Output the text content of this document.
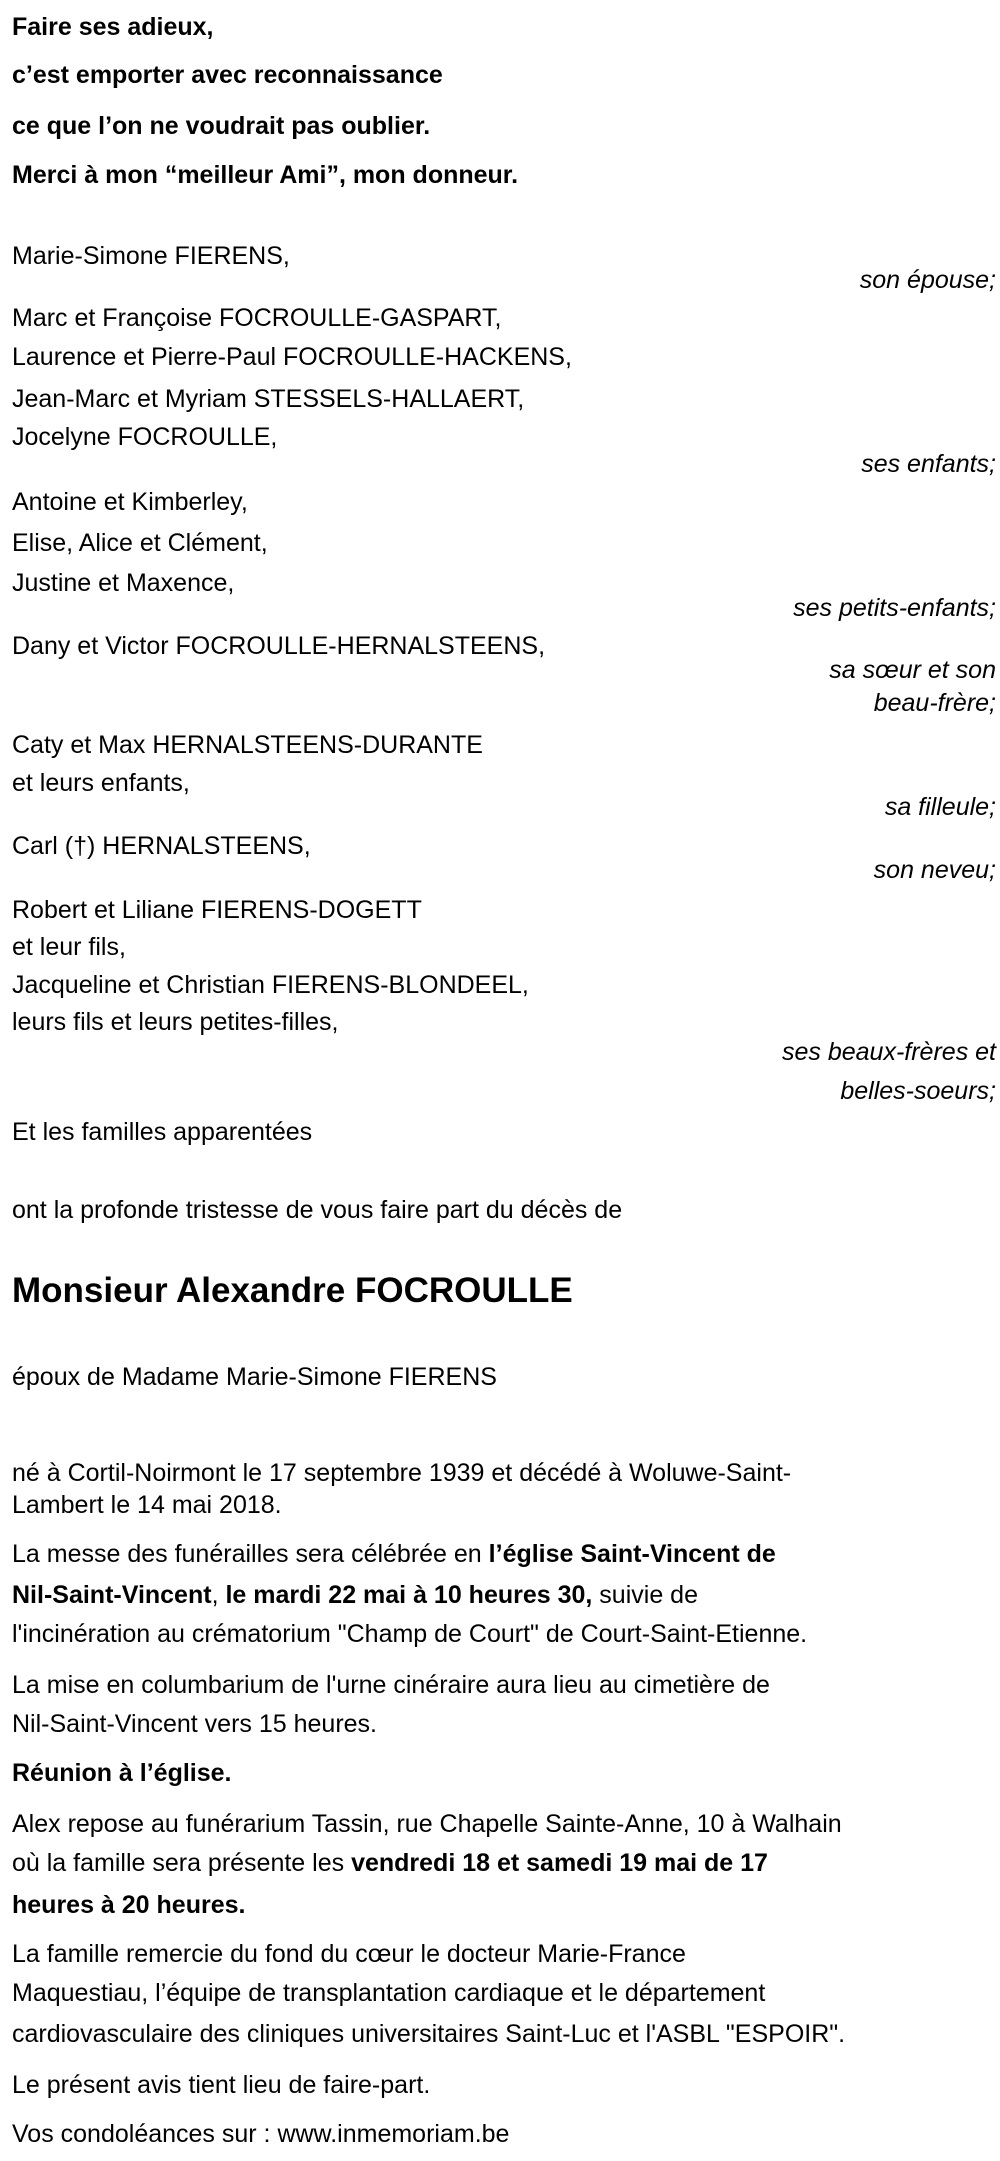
Faire ses adieux,
c’est emporter avec reconnaissance
ce que l’on ne voudrait pas oublier.
Merci à mon “meilleur Ami”, mon donneur.
Marie-Simone FIERENS,
son épouse;
Marc et Françoise FOCROULLE-GASPART,
Laurence et Pierre-Paul FOCROULLE-HACKENS,
Jean-Marc et Myriam STESSELS-HALLAERT,
Jocelyne FOCROULLE,
ses enfants;
Antoine et Kimberley,
Elise, Alice et Clément,
Justine et Maxence,
ses petits-enfants;
Dany et Victor FOCROULLE-HERNALSTEENS,
sa sœur et son
beau-frère;
Caty et Max HERNALSTEENS-DURANTE
et leurs enfants,
sa filleule;
Carl (†) HERNALSTEENS,
son neveu;
Robert et Liliane FIERENS-DOGETT
et leur fils,
Jacqueline et Christian FIERENS-BLONDEEL,
leurs fils et leurs petites-filles,
ses beaux-frères et
belles-soeurs;
Et les familles apparentées
ont la profonde tristesse de vous faire part du décès de
Monsieur Alexandre FOCROULLE
époux de Madame Marie-Simone FIERENS
né à Cortil-Noirmont le 17 septembre 1939 et décédé à Woluwe-Saint-
Lambert le 14 mai 2018.
La messe des funérailles sera célébrée en l’église Saint-Vincent de
Nil-Saint-Vincent, le mardi 22 mai à 10 heures 30, suivie de
l'incinération au crématorium "Champ de Court" de Court-Saint-Etienne.
La mise en columbarium de l'urne cinéraire aura lieu au cimetière de
Nil-Saint-Vincent vers 15 heures.
Réunion à l’église.
Alex repose au funérarium Tassin, rue Chapelle Sainte-Anne, 10 à Walhain
où la famille sera présente les vendredi 18 et samedi 19 mai de 17
heures à 20 heures.
La famille remercie du fond du cœur le docteur Marie-France
Maquestiau, l’équipe de transplantation cardiaque et le département
cardiovasculaire des cliniques universitaires Saint-Luc et l'ASBL "ESPOIR".
Le présent avis tient lieu de faire-part.
Vos condoléances sur : www.inmemoriam.be
